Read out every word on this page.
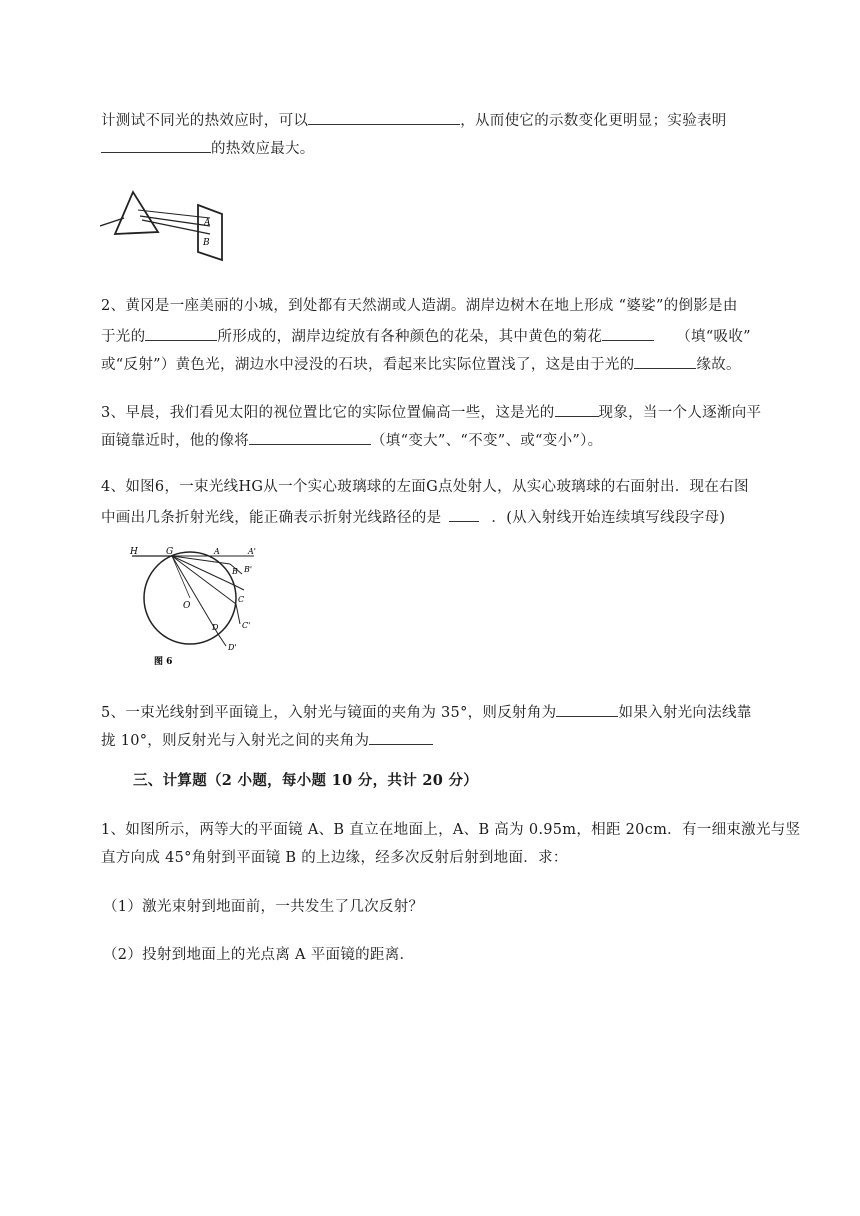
计测试不同光的热效应时，可以	，从而使它的示数变化更明显；实验表明
的热效应最大。
A
B
2、黄冈是一座美丽的小城，到处都有天然湖或人造湖。湖岸边树木在地上形成 “婆娑”的倒影是由
于光的	所形成的，湖岸边绽放有各种颜色的花朵，其中黄色的菊花	（填“吸收”
或“反射”）黄色光，湖边水中浸没的石块，看起来比实际位置浅了，这是由于光的	缘故。
3、早晨，我们看见太阳的视位置比它的实际位置偏高一些，这是光的	现象，当一个人逐渐向平
面镜靠近时，他的像将	（填“变大”、“不变”、或“变小”）。
4、如图6，一束光线HG从一个实心玻璃球的左面G点处射人，从实心玻璃球的右面射出．现在右图
中画出几条折射光线，能正确表示折射光线路径的是	．(从入射线开始连续填写线段字母)
H	G	A	A'
B B'
C
C'
D
D'
O
图 6
5、一束光线射到平面镜上，入射光与镜面的夹角为 35°，则反射角为	如果入射光向法线靠
拢 10°，则反射光与入射光之间的夹角为
三、计算题（2 小题，每小题 10 分，共计 20 分）
1、如图所示，两等大的平面镜 A、B 直立在地面上，A、B 高为 0.95m，相距 20cm．有一细束激光与竖
直方向成 45°角射到平面镜 B 的上边缘，经多次反射后射到地面．求：
（1）激光束射到地面前，一共发生了几次反射？
（2）投射到地面上的光点离 A 平面镜的距离．
